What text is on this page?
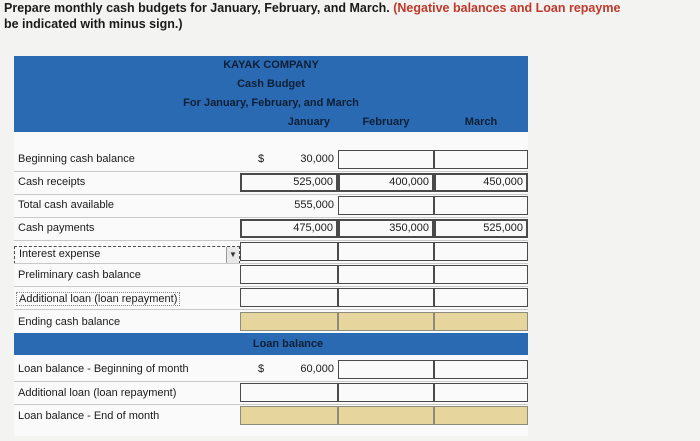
Prepare monthly cash budgets for January, February, and March. (Negative balances and Loan repayme
be indicated with minus sign.)
KAYAK COMPANY
Cash Budget
For January, February, and March
January	February	March
Beginning cash balance	$	30,000
Cash receipts	525,000	400,000	450,000
Total cash available	555,000
Cash payments	475,000	350,000	525,000
Interest expense	▼
Preliminary cash balance
Additional loan (loan repayment)
Ending cash balance
Loan balance
Loan balance - Beginning of month	$	60,000
Additional loan (loan repayment)
Loan balance - End of month
